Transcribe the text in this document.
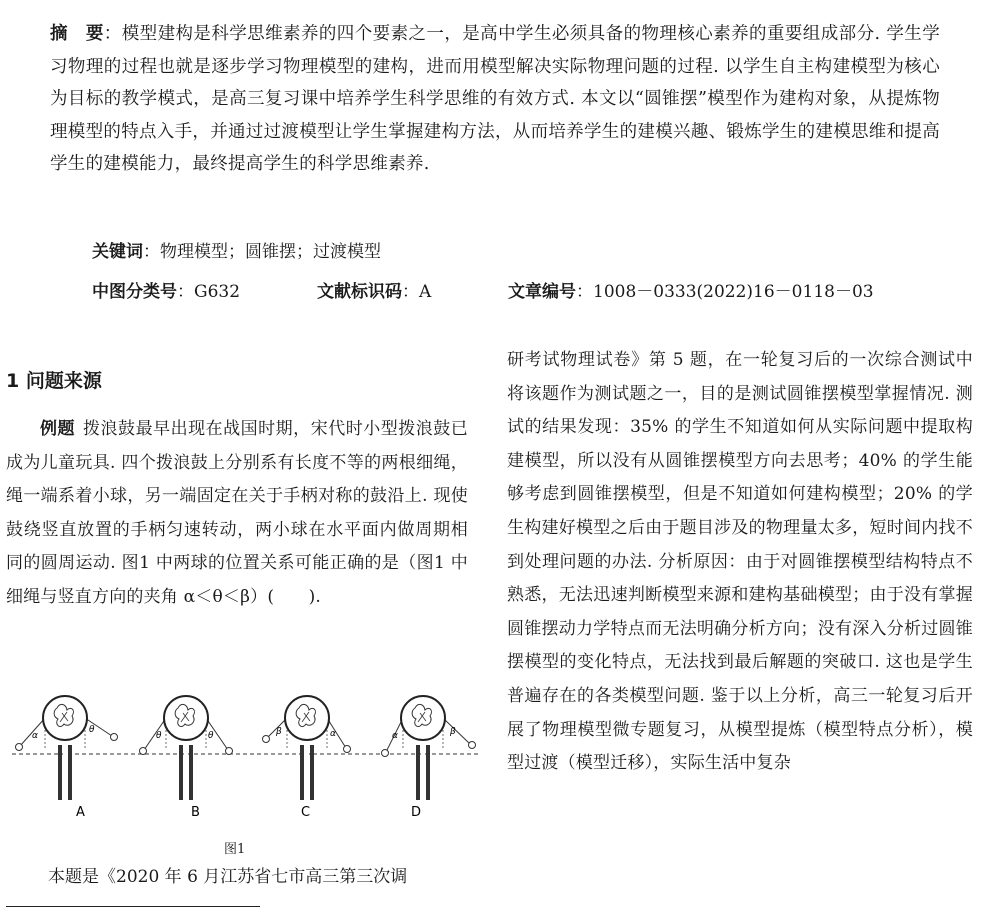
摘　要：模型建构是科学思维素养的四个要素之一，是高中学生必须具备的物理核心素养的重要组成部分. 学生学习物理的过程也就是逐步学习物理模型的建构，进而用模型解决实际物理问题的过程. 以学生自主构建模型为核心为目标的教学模式，是高三复习课中培养学生科学思维的有效方式. 本文以“圆锥摆”模型作为建构对象，从提炼物理模型的特点入手，并通过过渡模型让学生掌握建构方法，从而培养学生的建模兴趣、锻炼学生的建模思维和提高学生的建模能力，最终提高学生的科学思维素养.
关键词：物理模型；圆锥摆；过渡模型
中图分类号：G632	文献标识码：A	文章编号：1008－0333(2022)16－0118－03
1 问题来源
例题 拨浪鼓最早出现在战国时期，宋代时小型拨浪鼓已成为儿童玩具. 四个拨浪鼓上分别系有长度不等的两根细绳，绳一端系着小球，另一端固定在关于手柄对称的鼓沿上. 现使鼓绕竖直放置的手柄匀速转动，两小球在水平面内做周期相同的圆周运动. 图1 中两球的位置关系可能正确的是（图1 中细绳与竖直方向的夹角 α＜θ＜β）(　　).
α
θ
θ	θ	β	α	α	β
A	B	C	D
图1
本题是《2020 年 6 月江苏省七市高三第三次调
研考试物理试卷》第 5 题，在一轮复习后的一次综合测试中将该题作为测试题之一，目的是测试圆锥摆模型掌握情况. 测试的结果发现：35% 的学生不知道如何从实际问题中提取构建模型，所以没有从圆锥摆模型方向去思考；40% 的学生能够考虑到圆锥摆模型，但是不知道如何建构模型；20% 的学生构建好模型之后由于题目涉及的物理量太多，短时间内找不到处理问题的办法. 分析原因：由于对圆锥摆模型结构特点不熟悉，无法迅速判断模型来源和建构基础模型；由于没有掌握圆锥摆动力学特点而无法明确分析方向；没有深入分析过圆锥摆模型的变化特点，无法找到最后解题的突破口. 这也是学生普遍存在的各类模型问题. 鉴于以上分析，高三一轮复习后开展了物理模型微专题复习，从模型提炼（模型特点分析），模型过渡（模型迁移），实际生活中复杂
